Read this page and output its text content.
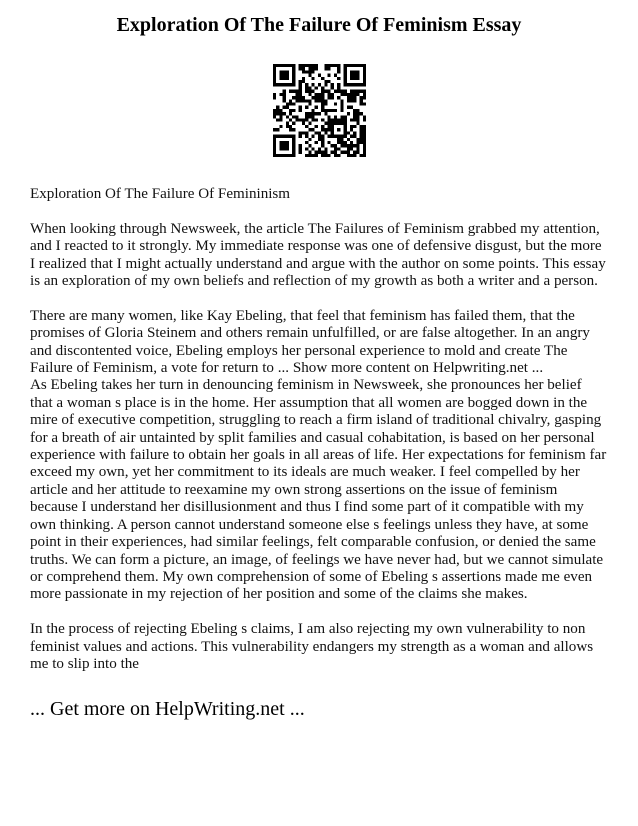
Exploration Of The Failure Of Feminism Essay

Exploration Of The Failure Of Femininism

When looking through Newsweek, the article The Failures of Feminism grabbed my attention, and I reacted to it strongly. My immediate response was one of defensive disgust, but the more I realized that I might actually understand and argue with the author on some points. This essay is an exploration of my own beliefs and reflection of my growth as both a writer and a person.

There are many women, like Kay Ebeling, that feel that feminism has failed them, that the promises of Gloria Steinem and others remain unfulfilled, or are false altogether. In an angry and discontented voice, Ebeling employs her personal experience to mold and create The Failure of Feminism, a vote for return to ... Show more content on Helpwriting.net ...

As Ebeling takes her turn in denouncing feminism in Newsweek, she pronounces her belief that a woman s place is in the home. Her assumption that all women are bogged down in the mire of executive competition, struggling to reach a firm island of traditional chivalry, gasping for a breath of air untainted by split families and casual cohabitation, is based on her personal experience with failure to obtain her goals in all areas of life. Her expectations for feminism far exceed my own, yet her commitment to its ideals are much weaker. I feel compelled by her article and her attitude to reexamine my own strong assertions on the issue of feminism because I understand her disillusionment and thus I find some part of it compatible with my own thinking. A person cannot understand someone else s feelings unless they have, at some point in their experiences, had similar feelings, felt comparable confusion, or denied the same truths. We can form a picture, an image, of feelings we have never had, but we cannot simulate or comprehend them. My own comprehension of some of Ebeling s assertions made me even more passionate in my rejection of her position and some of the claims she makes.

In the process of rejecting Ebeling s claims, I am also rejecting my own vulnerability to non feminist values and actions. This vulnerability endangers my strength as a woman and allows me to slip into the

... Get more on HelpWriting.net ...
